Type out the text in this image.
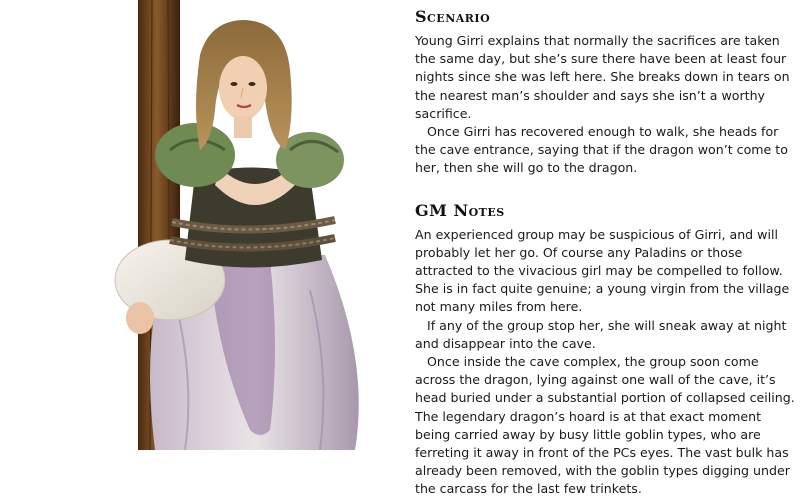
Scenario

Young Girri explains that normally the sacrifices are taken the same day, but she’s sure there have been at least four nights since she was left here. She breaks down in tears on the nearest man’s shoulder and says she isn’t a worthy sacrifice.

Once Girri has recovered enough to walk, she heads for the cave entrance, saying that if the dragon won’t come to her, then she will go to the dragon.

GM Notes

An experienced group may be suspicious of Girri, and will probably let her go. Of course any Paladins or those attracted to the vivacious girl may be compelled to follow. She is in fact quite genuine; a young virgin from the village not many miles from here.

If any of the group stop her, she will sneak away at night and disappear into the cave.

Once inside the cave complex, the group soon come across the dragon, lying against one wall of the cave, it’s head buried under a substantial portion of collapsed ceiling. The legendary dragon’s hoard is at that exact moment being carried away by busy little goblin types, who are ferreting it away in front of the PCs eyes. The vast bulk has already been removed, with the goblin types digging under the carcass for the last few trinkets.
